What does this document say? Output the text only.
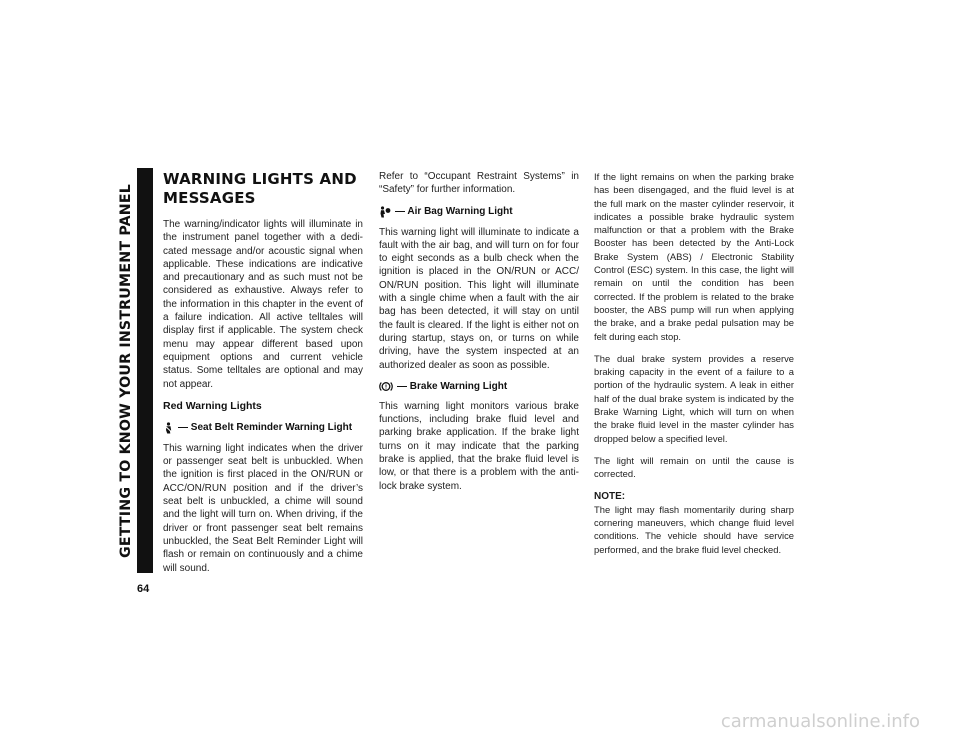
GETTING TO KNOW YOUR INSTRUMENT PANEL
64
WARNING LIGHTS AND MESSAGES

The warning/indicator lights will illuminate in the instrument panel together with a dedi-cated message and/or acoustic signal when applicable. These indications are indicative and precautionary and as such must not be considered as exhaustive. Always refer to the information in this chapter in the event of a failure indication. All active telltales will display first if applicable. The system check menu may appear different based upon equipment options and current vehicle status. Some telltales are optional and may not appear.

Red Warning Lights
— Seat Belt Reminder Warning Light

This warning light indicates when the driver or passenger seat belt is unbuckled. When the ignition is first placed in the ON/RUN or ACC/ON/RUN position and if the driver’s seat belt is unbuckled, a chime will sound and the light will turn on. When driving, if the driver or front passenger seat belt remains unbuckled, the Seat Belt Reminder Light will flash or remain on continuously and a chime will sound.

Refer to “Occupant Restraint Systems” in “Safety” for further information.

— Air Bag Warning Light

This warning light will illuminate to indicate a fault with the air bag, and will turn on for four to eight seconds as a bulb check when the ignition is placed in the ON/RUN or ACC/ ON/RUN position. This light will illuminate with a single chime when a fault with the air bag has been detected, it will stay on until the fault is cleared. If the light is either not on during startup, stays on, or turns on while driving, have the system inspected at an authorized dealer as soon as possible.

! — Brake Warning Light

This warning light monitors various brake functions, including brake fluid level and parking brake application. If the brake light turns on it may indicate that the parking brake is applied, that the brake fluid level is low, or that there is a problem with the anti-lock brake system.

If the light remains on when the parking brake has been disengaged, and the fluid level is at the full mark on the master cylinder reservoir, it indicates a possible brake hydraulic system malfunction or that a problem with the Brake Booster has been detected by the Anti-Lock Brake System (ABS) / Electronic Stability Control (ESC) system. In this case, the light will remain on until the condition has been corrected. If the problem is related to the brake booster, the ABS pump will run when applying the brake, and a brake pedal pulsation may be felt during each stop.

The dual brake system provides a reserve braking capacity in the event of a failure to a portion of the hydraulic system. A leak in either half of the dual brake system is indicated by the Brake Warning Light, which will turn on when the brake fluid level in the master cylinder has dropped below a specified level.

The light will remain on until the cause is corrected.

NOTE:

The light may flash momentarily during sharp cornering maneuvers, which change fluid level conditions. The vehicle should have service performed, and the brake fluid level checked.

carmanualsonline.info
